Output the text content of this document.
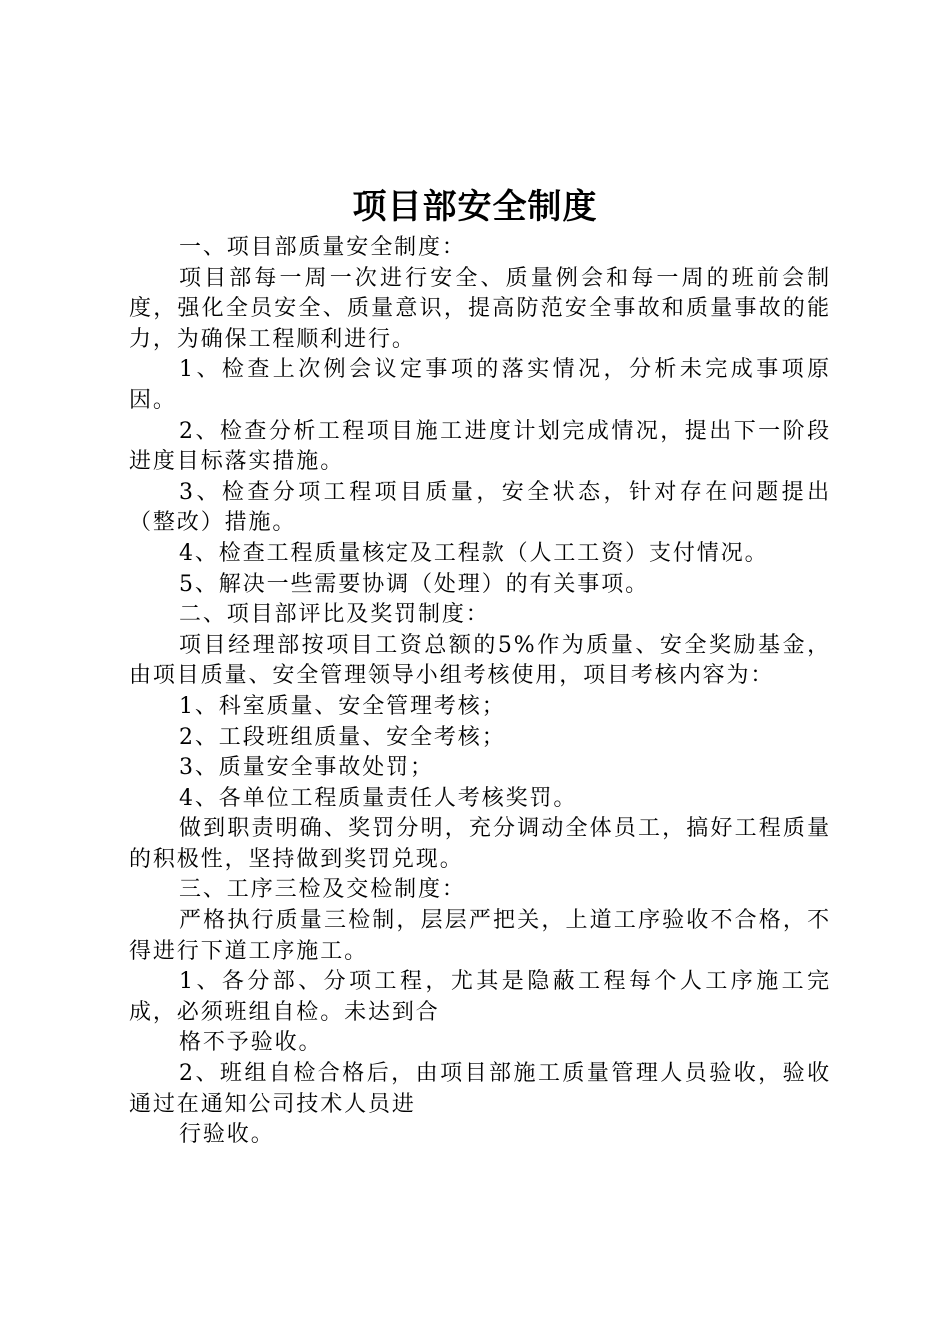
项目部安全制度

一、项目部质量安全制度：

项目部每一周一次进行安全、质量例会和每一周的班前会制度，强化全员安全、质量意识，提高防范安全事故和质量事故的能力，为确保工程顺利进行。

1、检查上次例会议定事项的落实情况，分析未完成事项原因。

2、检查分析工程项目施工进度计划完成情况，提出下一阶段进度目标落实措施。

3、检查分项工程项目质量，安全状态，针对存在问题提出（整改）措施。

4、检查工程质量核定及工程款（人工工资）支付情况。

5、解决一些需要协调（处理）的有关事项。

二、项目部评比及奖罚制度：

项目经理部按项目工资总额的5%作为质量、安全奖励基金，由项目质量、安全管理领导小组考核使用，项目考核内容为：

1、科室质量、安全管理考核；

2、工段班组质量、安全考核；

3、质量安全事故处罚；

4、各单位工程质量责任人考核奖罚。

做到职责明确、奖罚分明，充分调动全体员工，搞好工程质量的积极性，坚持做到奖罚兑现。

三、工序三检及交检制度：

严格执行质量三检制，层层严把关，上道工序验收不合格，不得进行下道工序施工。

1、各分部、分项工程，尤其是隐蔽工程每个人工序施工完成，必须班组自检。未达到合

格不予验收。

2、班组自检合格后，由项目部施工质量管理人员验收，验收通过在通知公司技术人员进

行验收。
